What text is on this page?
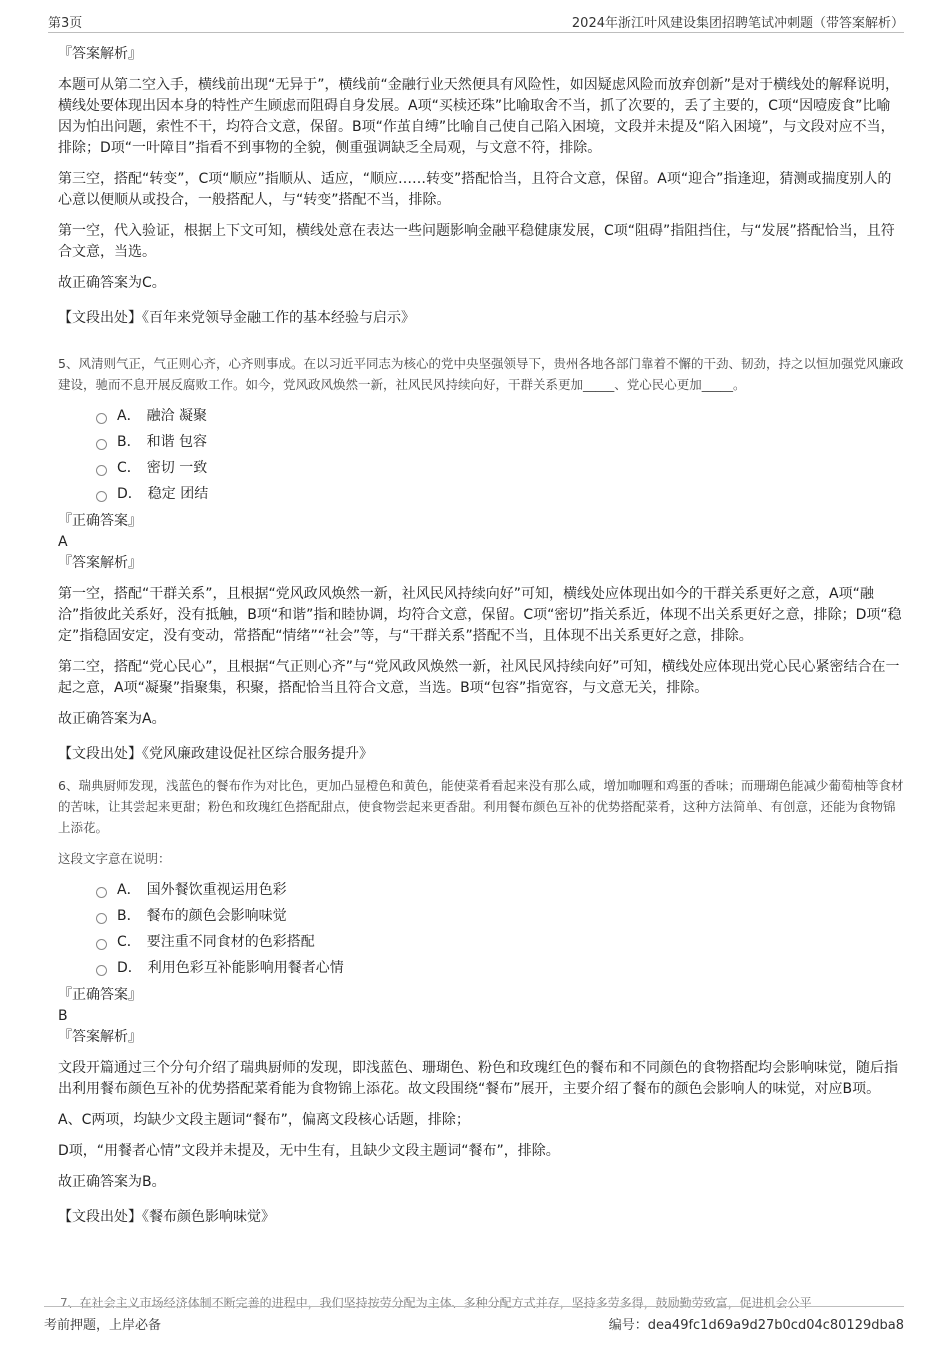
第3页	2024年浙江叶风建设集团招聘笔试冲刺题（带答案解析）

『答案解析』

本题可从第二空入手，横线前出现“无异于”，横线前“金融行业天然便具有风险性，如因疑虑风险而放弃创新”是对于横线处的解释说明，横线处要体现出因本身的特性产生顾虑而阻碍自身发展。A项“买椟还珠”比喻取舍不当，抓了次要的，丢了主要的，C项“因噎废食”比喻因为怕出问题，索性不干，均符合文意，保留。B项“作茧自缚”比喻自己使自己陷入困境，文段并未提及“陷入困境”，与文段对应不当，排除；D项“一叶障目”指看不到事物的全貌，侧重强调缺乏全局观，与文意不符，排除。

第三空，搭配“转变”，C项“顺应”指顺从、适应，“顺应……转变”搭配恰当，且符合文意，保留。A项“迎合”指逢迎，猜测或揣度别人的心意以便顺从或投合，一般搭配人，与“转变”搭配不当，排除。

第一空，代入验证，根据上下文可知，横线处意在表达一些问题影响金融平稳健康发展，C项“阻碍”指阻挡住，与“发展”搭配恰当，且符合文意，当选。

故正确答案为C。

【文段出处】《百年来党领导金融工作的基本经验与启示》

5、风清则气正，气正则心齐，心齐则事成。在以习近平同志为核心的党中央坚强领导下，贵州各地各部门靠着不懈的干劲、韧劲，持之以恒加强党风廉政建设，驰而不息开展反腐败工作。如今，党风政风焕然一新，社风民风持续向好，干群关系更加_____、党心民心更加_____。

A． 融洽 凝聚
B． 和谐 包容
C． 密切 一致
D． 稳定 团结

『正确答案』

A

『答案解析』

第一空，搭配“干群关系”，且根据“党风政风焕然一新，社风民风持续向好”可知，横线处应体现出如今的干群关系更好之意，A项“融洽”指彼此关系好，没有抵触，B项“和谐”指和睦协调，均符合文意，保留。C项“密切”指关系近，体现不出关系更好之意，排除；D项“稳定”指稳固安定，没有变动，常搭配“情绪”“社会”等，与“干群关系”搭配不当，且体现不出关系更好之意，排除。

第二空，搭配“党心民心”，且根据“气正则心齐”与“党风政风焕然一新，社风民风持续向好”可知，横线处应体现出党心民心紧密结合在一起之意，A项“凝聚”指聚集，积聚，搭配恰当且符合文意，当选。B项“包容”指宽容，与文意无关，排除。

故正确答案为A。

【文段出处】《党风廉政建设促社区综合服务提升》

6、瑞典厨师发现，浅蓝色的餐布作为对比色，更加凸显橙色和黄色，能使菜肴看起来没有那么咸，增加咖喱和鸡蛋的香味；而珊瑚色能减少葡萄柚等食材的苦味，让其尝起来更甜；粉色和玫瑰红色搭配甜点，使食物尝起来更香甜。利用餐布颜色互补的优势搭配菜肴，这种方法简单、有创意，还能为食物锦上添花。

这段文字意在说明：

A． 国外餐饮重视运用色彩
B． 餐布的颜色会影响味觉
C． 要注重不同食材的色彩搭配
D． 利用色彩互补能影响用餐者心情

『正确答案』

B

『答案解析』

文段开篇通过三个分句介绍了瑞典厨师的发现，即浅蓝色、珊瑚色、粉色和玫瑰红色的餐布和不同颜色的食物搭配均会影响味觉，随后指出利用餐布颜色互补的优势搭配菜肴能为食物锦上添花。故文段围绕“餐布”展开，主要介绍了餐布的颜色会影响人的味觉，对应B项。

A、C两项，均缺少文段主题词“餐布”，偏离文段核心话题，排除；

D项，“用餐者心情”文段并未提及，无中生有，且缺少文段主题词“餐布”，排除。

故正确答案为B。

【文段出处】《餐布颜色影响味觉》

7、在社会主义市场经济体制不断完善的进程中，我们坚持按劳分配为主体、多种分配方式并存，坚持多劳多得，鼓励勤劳致富，促进机会公平
考前押题，上岸必备	编号：dea49fc1d69a9d27b0cd04c80129dba8
